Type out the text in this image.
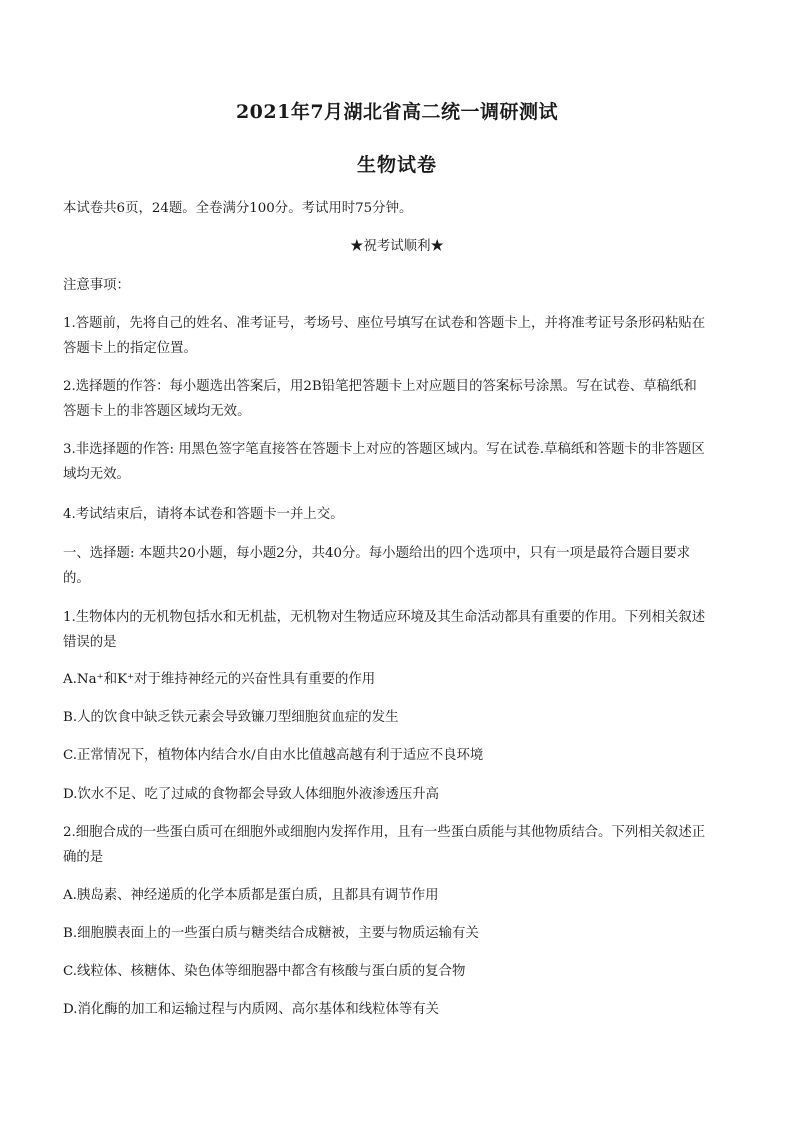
2021年7月湖北省高二统一调研测试
生物试卷
本试卷共6页，24题。全卷满分100分。考试用时75分钟。
★祝考试顺利★
注意事项：
1.答题前，先将自己的姓名、准考证号，考场号、座位号填写在试卷和答题卡上，并将准考证号条形码粘贴在
答题卡上的指定位置。
2.选择题的作答：每小题选出答案后，用2B铅笔把答题卡上对应题目的答案标号涂黑。写在试卷、草稿纸和
答题卡上的非答题区域均无效。
3.非选择题的作答: 用黑色签字笔直接答在答题卡上对应的答题区域内。写在试卷.草稿纸和答题卡的非答题区
域均无效。
4.考试结束后，请将本试卷和答题卡一并上交。
一、选择题: 本题共20小题，每小题2分，共40分。每小题给出的四个选项中，只有一项是最符合题目要求
的。
1.生物体内的无机物包括水和无机盐，无机物对生物适应环境及其生命活动都具有重要的作用。下列相关叙述
错误的是
A.Na⁺和K⁺对于维持神经元的兴奋性具有重要的作用
B.人的饮食中缺乏铁元素会导致镰刀型细胞贫血症的发生
C.正常情况下，植物体内结合水/自由水比值越高越有利于适应不良环境
D.饮水不足、吃了过咸的食物都会导致人体细胞外液渗透压升高
2.细胞合成的一些蛋白质可在细胞外或细胞内发挥作用，且有一些蛋白质能与其他物质结合。下列相关叙述正
确的是
A.胰岛素、神经递质的化学本质都是蛋白质，且都具有调节作用
B.细胞膜表面上的一些蛋白质与糖类结合成糖被，主要与物质运输有关
C.线粒体、核糖体、染色体等细胞器中都含有核酸与蛋白质的复合物
D.消化酶的加工和运输过程与内质网、高尔基体和线粒体等有关
